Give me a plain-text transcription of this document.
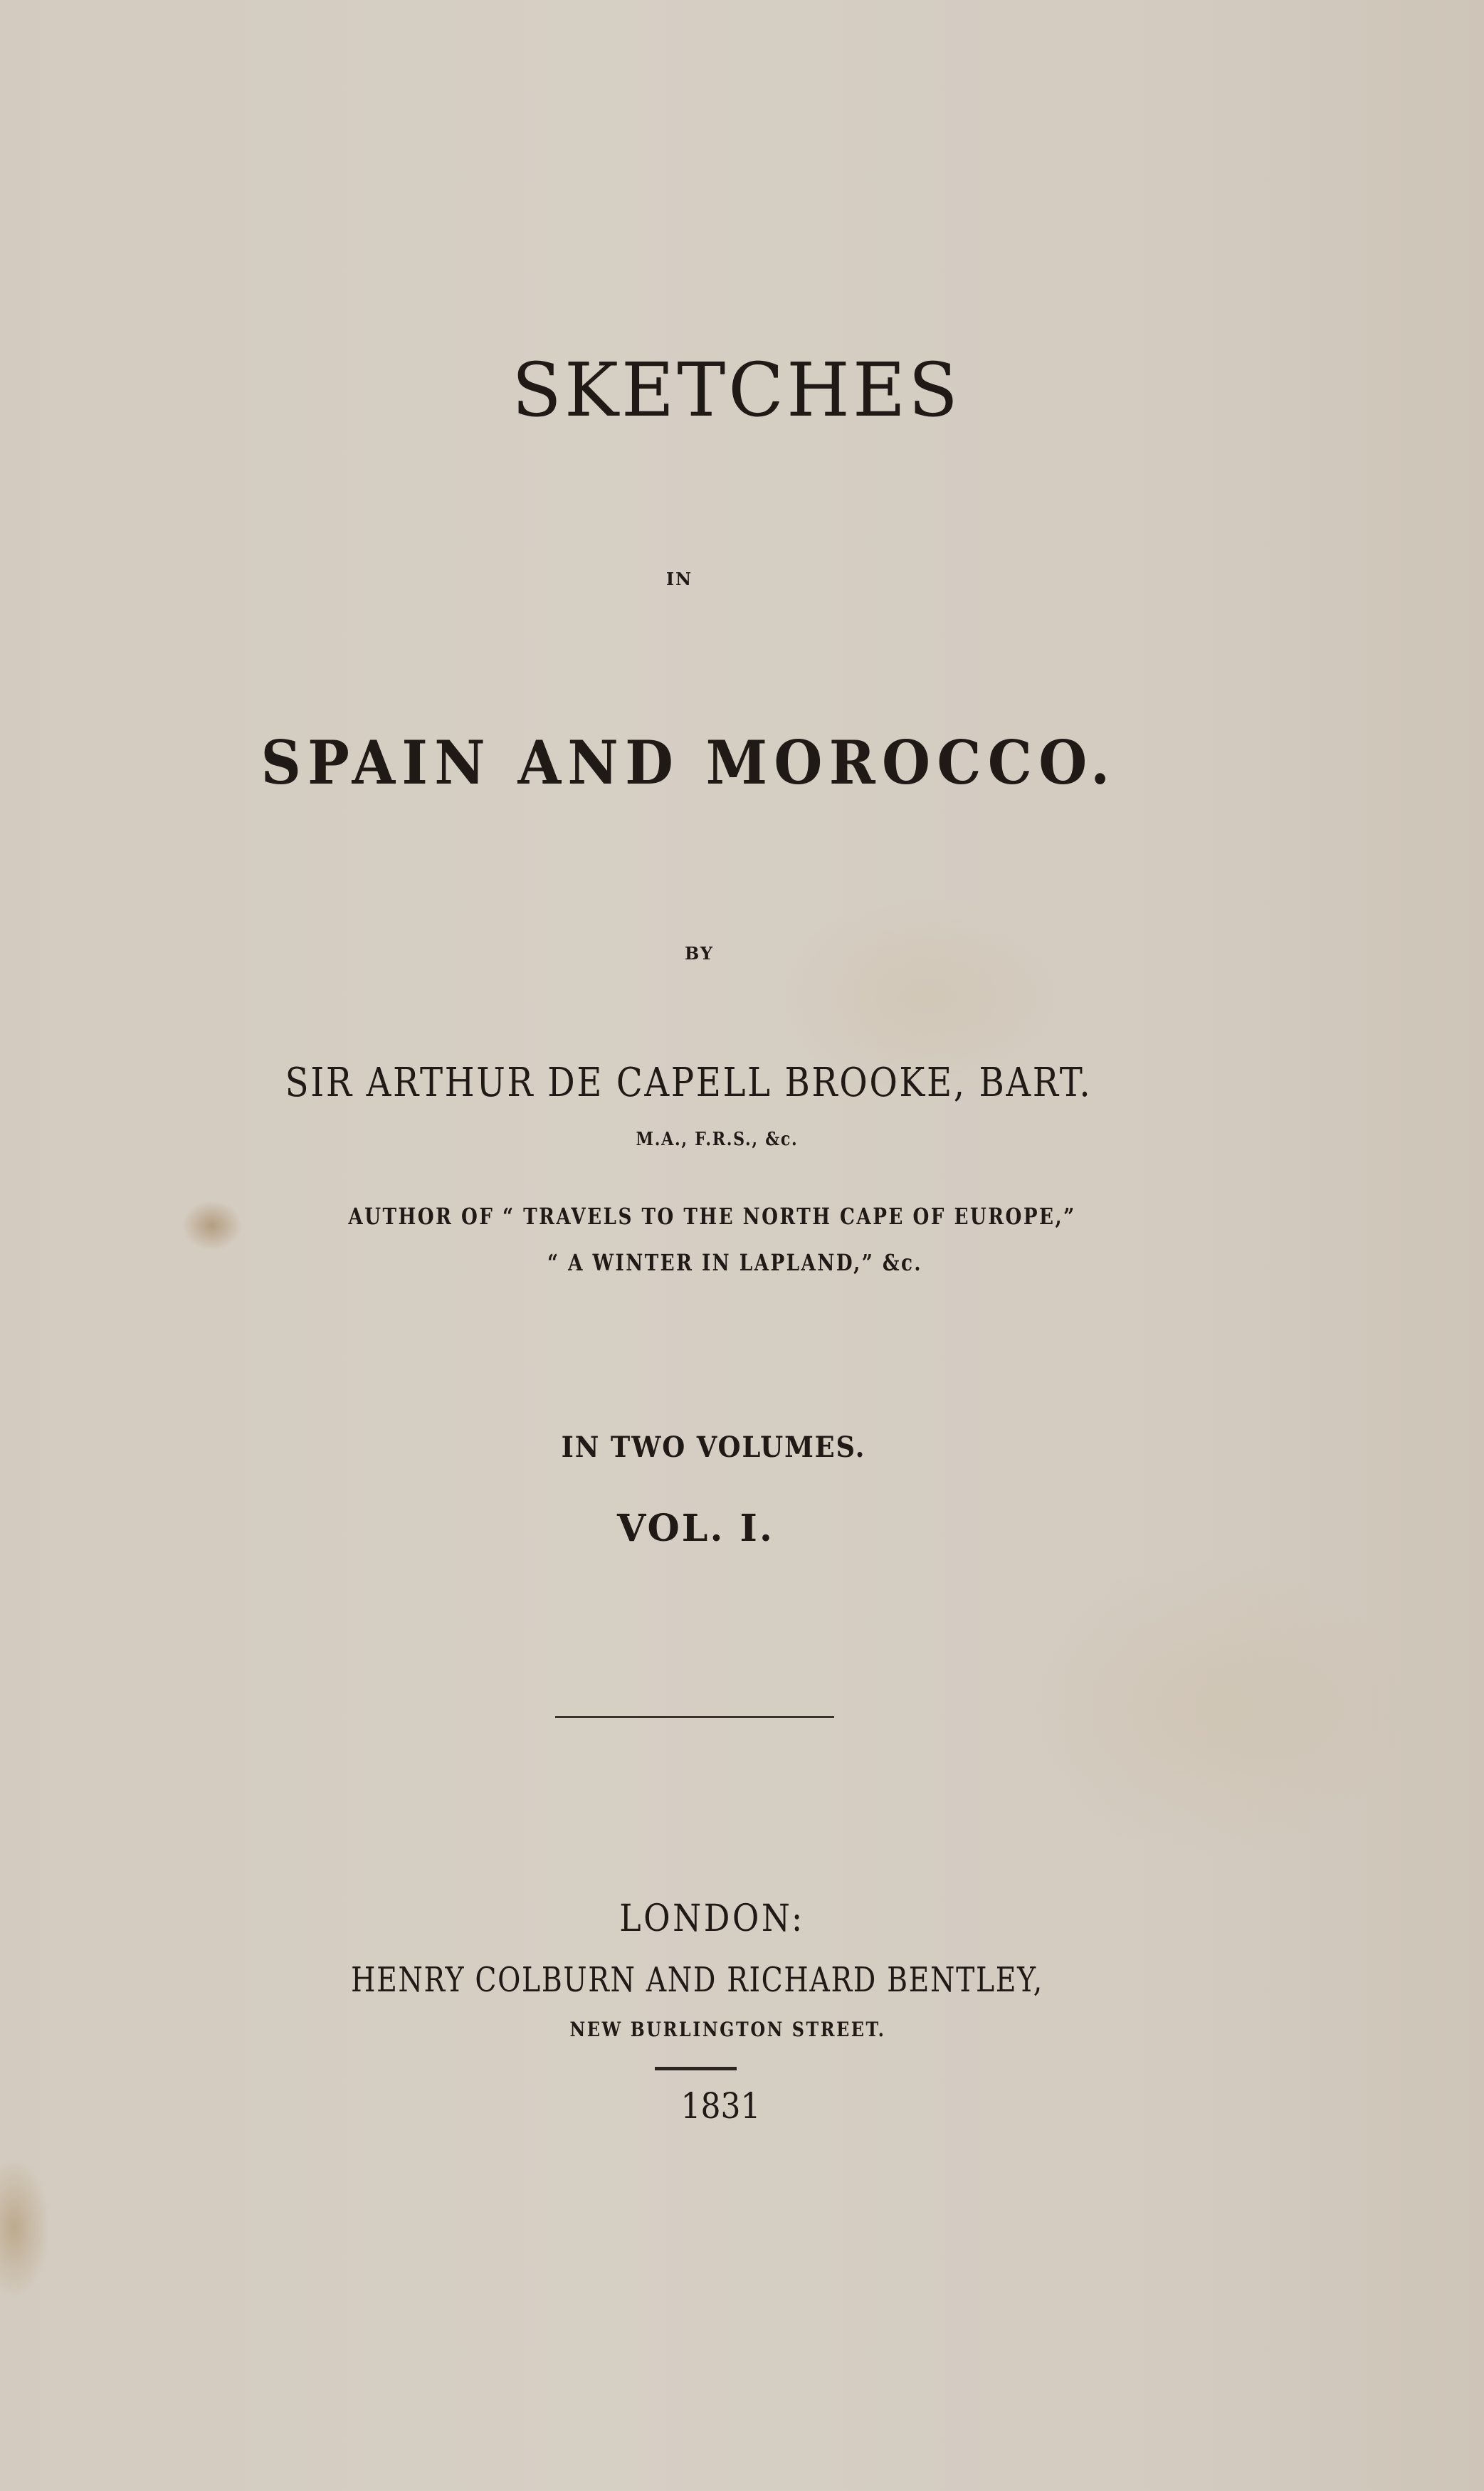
SKETCHES
IN
SPAIN AND MOROCCO.
BY
SIR ARTHUR DE CAPELL BROOKE, BART.
M.A., F.R.S., &c.
AUTHOR OF “ TRAVELS TO THE NORTH CAPE OF EUROPE,”
“ A WINTER IN LAPLAND,” &c.
IN TWO VOLUMES.
VOL. I.
LONDON:
HENRY COLBURN AND RICHARD BENTLEY,
NEW BURLINGTON STREET.
1831
